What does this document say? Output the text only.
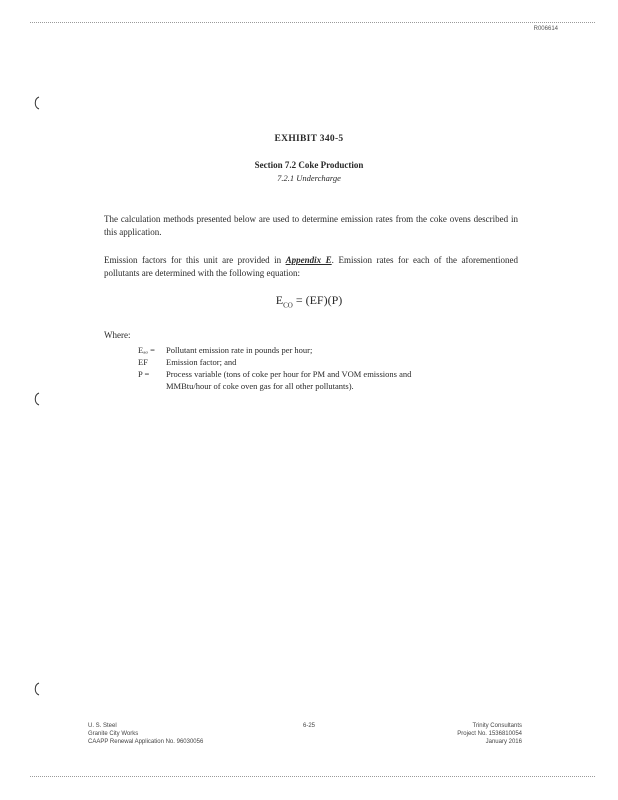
R006614
EXHIBIT 340-5
Section 7.2 Coke Production
7.2.1 Undercharge
The calculation methods presented below are used to determine emission rates from the coke ovens described in this application.
Emission factors for this unit are provided in Appendix E. Emission rates for each of the aforementioned pollutants are determined with the following equation:
$E_{CO} = (EF)(P)$
Where:
Eₐₒ =	Pollutant emission rate in pounds per hour;
EF	Emission factor; and
P =	Process variable (tons of coke per hour for PM and VOM emissions and
MMBtu/hour of coke oven gas for all other pollutants).
U. S. Steel
Granite City Works
CAAPP Renewal Application No. 96030056
6-25	Trinity Consultants
Project No. 1536810054
January 2016
